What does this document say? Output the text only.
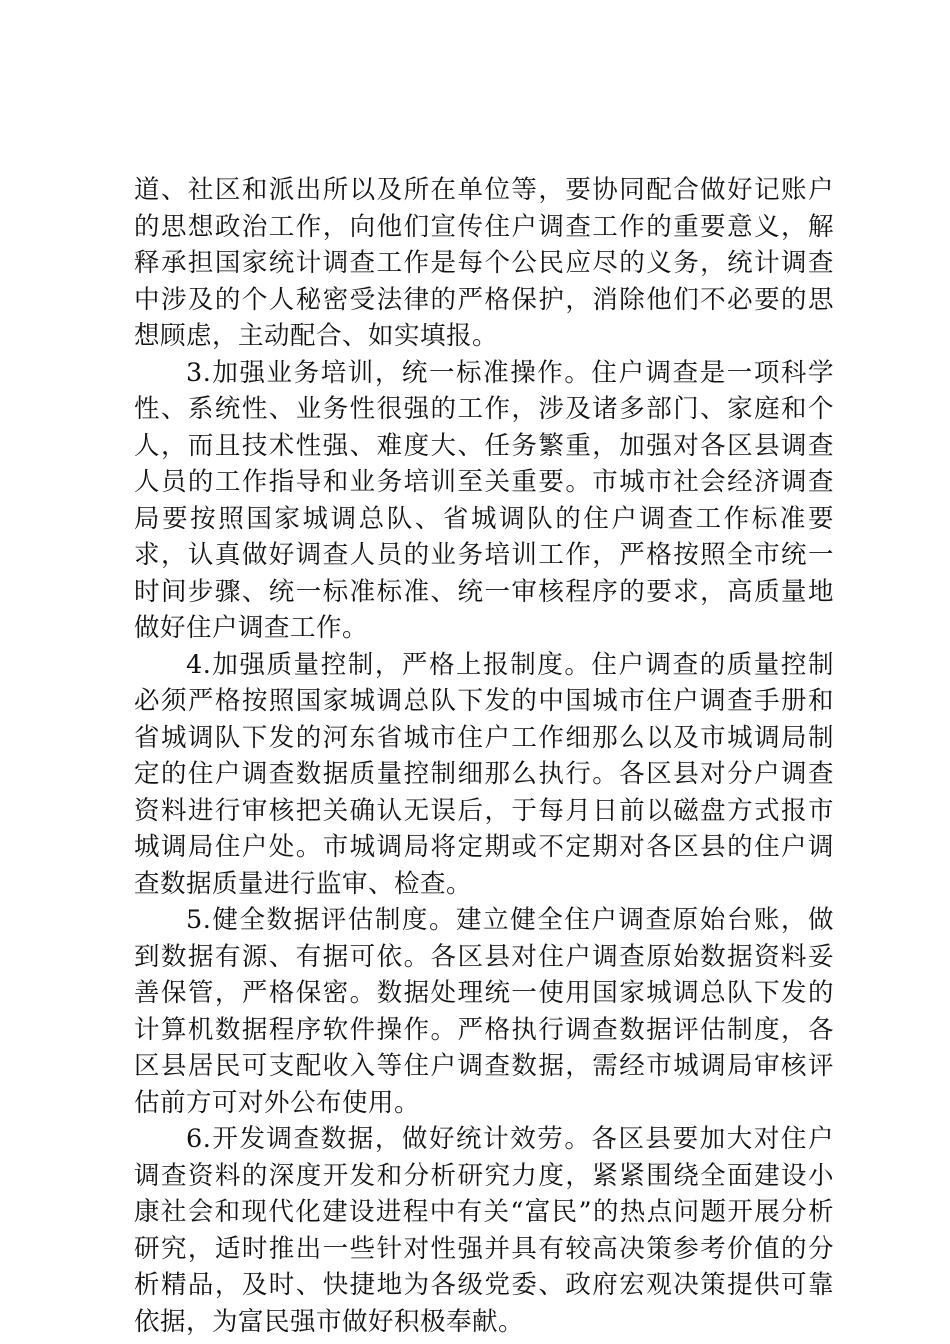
道、社区和派出所以及所在单位等，要协同配合做好记账户的思想政治工作，向他们宣传住户调查工作的重要意义，解释承担国家统计调查工作是每个公民应尽的义务，统计调查中涉及的个人秘密受法律的严格保护，消除他们不必要的思想顾虑，主动配合、如实填报。

3.加强业务培训，统一标准操作。住户调查是一项科学性、系统性、业务性很强的工作，涉及诸多部门、家庭和个人，而且技术性强、难度大、任务繁重，加强对各区县调查人员的工作指导和业务培训至关重要。市城市社会经济调查局要按照国家城调总队、省城调队的住户调查工作标准要求，认真做好调查人员的业务培训工作，严格按照全市统一时间步骤、统一标准标准、统一审核程序的要求，高质量地做好住户调查工作。

4.加强质量控制，严格上报制度。住户调查的质量控制必须严格按照国家城调总队下发的中国城市住户调查手册和省城调队下发的河东省城市住户工作细那么以及市城调局制定的住户调查数据质量控制细那么执行。各区县对分户调查资料进行审核把关确认无误后，于每月日前以磁盘方式报市城调局住户处。市城调局将定期或不定期对各区县的住户调查数据质量进行监审、检查。

5.健全数据评估制度。建立健全住户调查原始台账，做到数据有源、有据可依。各区县对住户调查原始数据资料妥善保管，严格保密。数据处理统一使用国家城调总队下发的计算机数据程序软件操作。严格执行调查数据评估制度，各区县居民可支配收入等住户调查数据，需经市城调局审核评估前方可对外公布使用。

6.开发调查数据，做好统计效劳。各区县要加大对住户调查资料的深度开发和分析研究力度，紧紧围绕全面建设小康社会和现代化建设进程中有关“富民”的热点问题开展分析研究，适时推出一些针对性强并具有较高决策参考价值的分析精品，及时、快捷地为各级党委、政府宏观决策提供可靠依据，为富民强市做好积极奉献。
